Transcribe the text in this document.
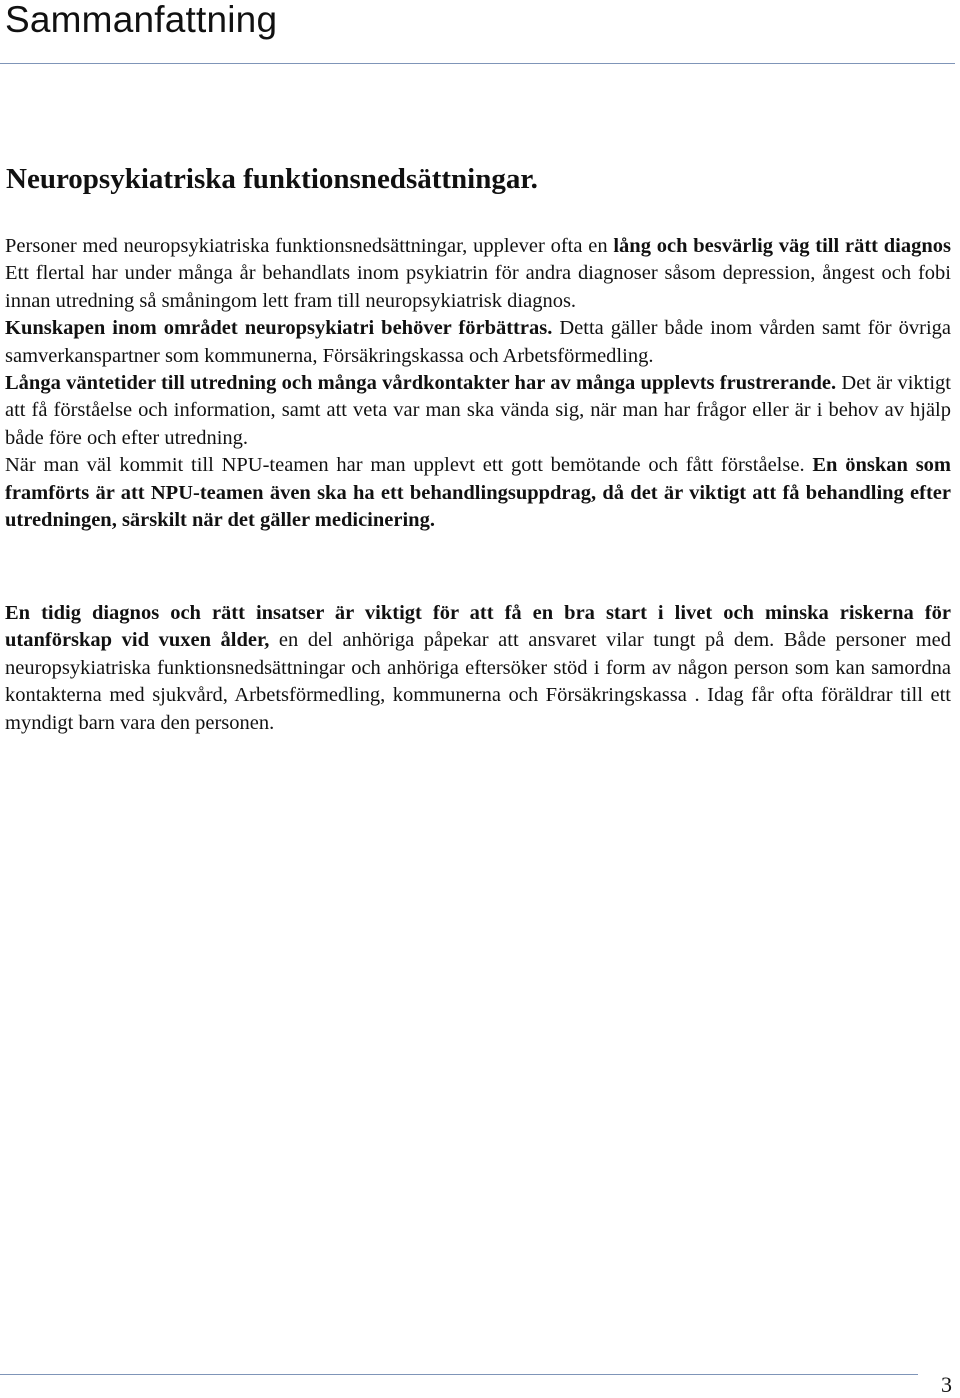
Sammanfattning
Neuropsykiatriska funktionsnedsättningar.
Personer med neuropsykiatriska funktionsnedsättningar, upplever ofta en lång och besvärlig väg till rätt diagnos Ett flertal har under många år behandlats inom psykiatrin för andra diagnoser såsom depression, ångest och fobi innan utredning så småningom lett fram till neuropsykiatrisk diagnos.
Kunskapen inom området neuropsykiatri behöver förbättras. Detta gäller både inom vården samt för övriga samverkanspartner som kommunerna, Försäkringskassa och Arbetsförmedling.
Långa väntetider till utredning och många vårdkontakter har av många upplevts frustrerande. Det är viktigt att få förståelse och information, samt att veta var man ska vända sig, när man har frågor eller är i behov av hjälp både före och efter utredning.
När man väl kommit till NPU-teamen har man upplevt ett gott bemötande och fått förståelse. En önskan som framförts är att NPU-teamen även ska ha ett behandlingsuppdrag, då det är viktigt att få behandling efter utredningen, särskilt när det gäller medicinering.
En tidig diagnos och rätt insatser är viktigt för att få en bra start i livet och minska riskerna för utanförskap vid vuxen ålder, en del anhöriga påpekar att ansvaret vilar tungt på dem. Både personer med neuropsykiatriska funktionsnedsättningar och anhöriga eftersöker stöd i form av någon person som kan samordna kontakterna med sjukvård, Arbetsförmedling, kommunerna och Försäkringskassa . Idag får ofta föräldrar till ett myndigt barn vara den personen.
3
